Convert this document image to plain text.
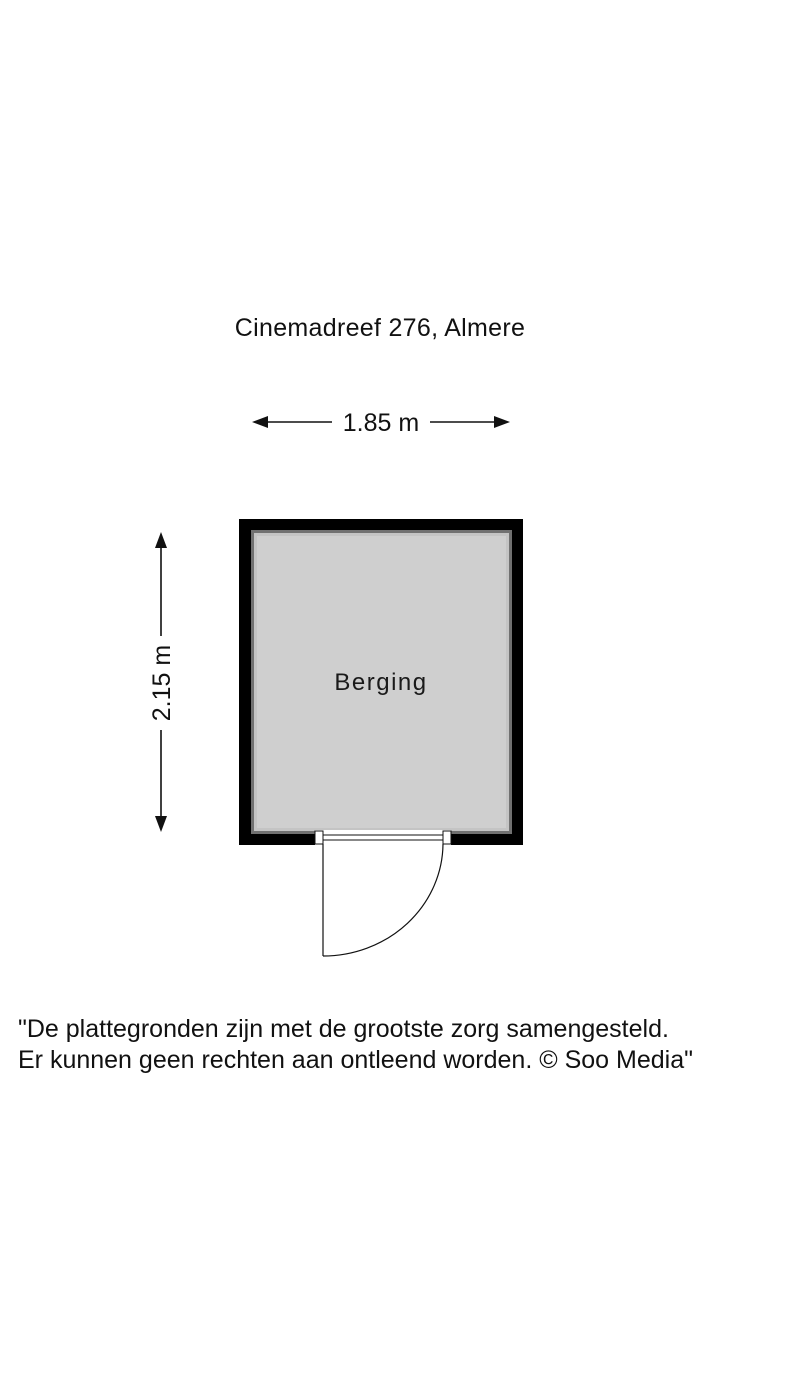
Cinemadreef 276, Almere
1.85 m
2.15 m	Berging
"De plattegronden zijn met de grootste zorg samengesteld.
Er kunnen geen rechten aan ontleend worden. © Soo Media"
